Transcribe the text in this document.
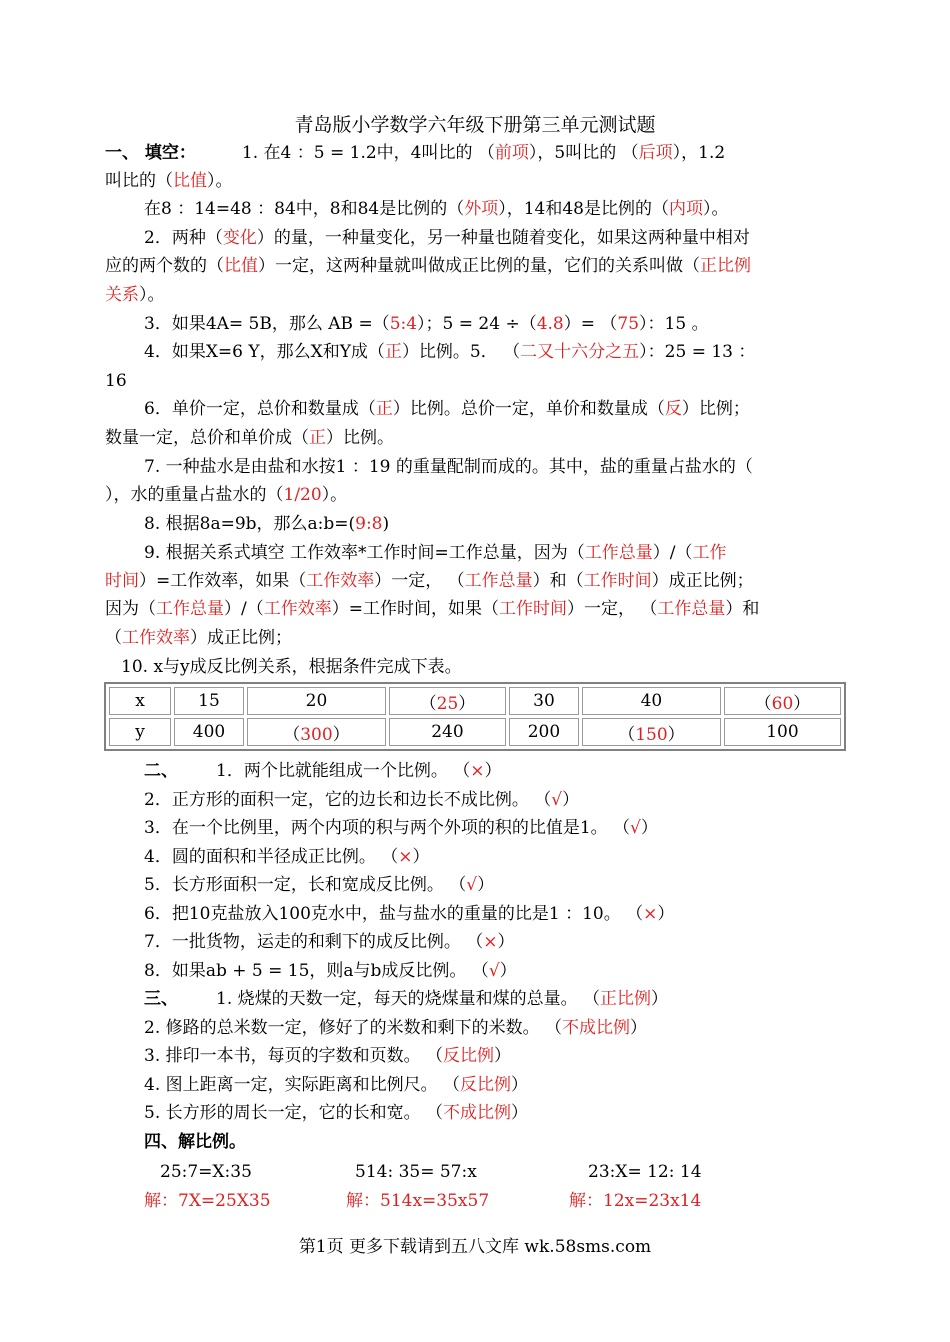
青岛版小学数学六年级下册第三单元测试题
一、 填空：	1. 在4 ：5 = 1.2中，4叫比的 （前项），5叫比的 （后项），1.2
叫比的（比值）。
在8 ：14=48 ：84中，8和84是比例的（外项），14和48是比例的（内项）。
2．两种（变化）的量，一种量变化，另一种量也随着变化，如果这两种量中相对
应的两个数的（比值）一定，这两种量就叫做成正比例的量，它们的关系叫做（正比例
关系）。
3．如果4A= 5B，那么 AB =（5:4）；5 = 24 ÷（4.8）= （75）：15 。
4．如果X=6 Y，那么X和Y成（正）比例。5． （二又十六分之五）：25 = 13 ：
16
6．单价一定，总价和数量成（正）比例。总价一定，单价和数量成（反）比例；
数量一定，总价和单价成（正）比例。
7. 一种盐水是由盐和水按1 ：19 的重量配制而成的。其中，盐的重量占盐水的（
），水的重量占盐水的（1/20）。
8. 根据8a=9b，那么a:b=(9:8)
9. 根据关系式填空 工作效率*工作时间=工作总量，因为（工作总量）/（工作
时间）=工作效率，如果（工作效率）一定， （工作总量）和（工作时间）成正比例；
因为（工作总量）/（工作效率）=工作时间，如果（工作时间）一定， （工作总量）和
（工作效率）成正比例；
10. x与y成反比例关系，根据条件完成下表。
x	15	20	（25）	30	40	（60）
y	400	（300）	240	200	（150）	100
二、 1．两个比就能组成一个比例。 （×）
2．正方形的面积一定，它的边长和边长不成比例。 （√）
3．在一个比例里，两个内项的积与两个外项的积的比值是1。 （√）
4．圆的面积和半径成正比例。 （×）
5．长方形面积一定，长和宽成反比例。 （√）
6．把10克盐放入100克水中，盐与盐水的重量的比是1 ：10。 （×）
7．一批货物，运走的和剩下的成反比例。 （×）
8．如果ab + 5 = 15，则a与b成反比例。 （√）
三、 1. 烧煤的天数一定，每天的烧煤量和煤的总量。 （正比例）
2. 修路的总米数一定，修好了的米数和剩下的米数。 （不成比例）
3. 排印一本书，每页的字数和页数。 （反比例）
4. 图上距离一定，实际距离和比例尺。 （反比例）
5. 长方形的周长一定，它的长和宽。 （不成比例）
四、解比例。
25:7=X:35	514: 35= 57:x	23:X= 12: 14
解：7X=25X35	解：514x=35x57	解：12x=23x14
第1页 更多下载请到五八文库 wk.58sms.com
